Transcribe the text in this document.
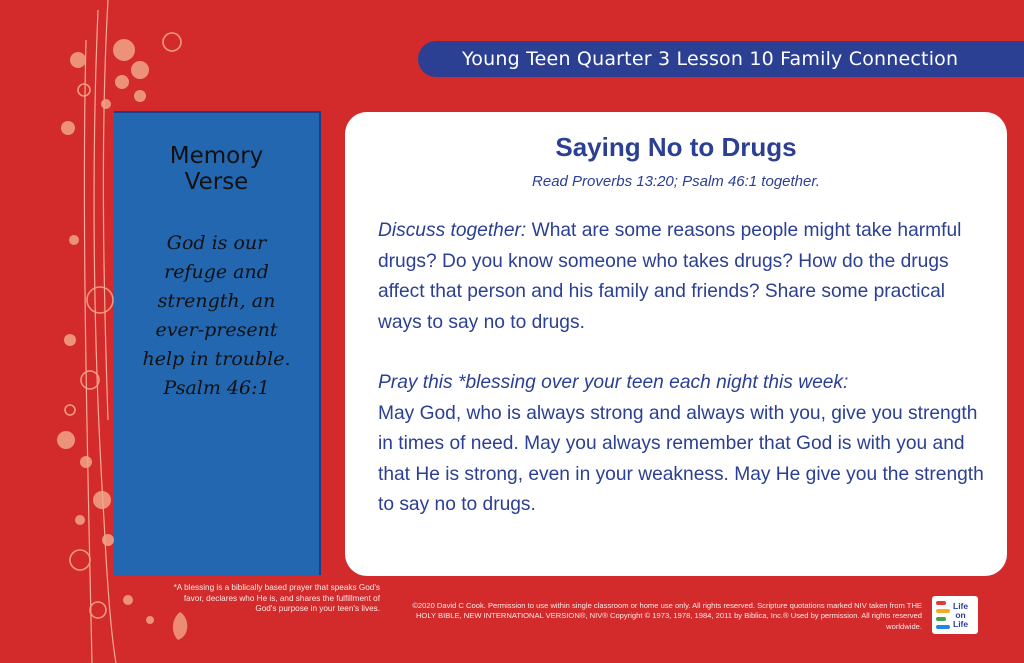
Young Teen Quarter 3 Lesson 10 Family Connection
Memory
Verse
God is our
refuge and
strength, an
ever-present
help in trouble.
Psalm 46:1
Saying No to Drugs
Read Proverbs 13:20; Psalm 46:1 together.

Discuss together: What are some reasons people might take harmful drugs? Do you know someone who takes drugs? How do the drugs affect that person and his family and friends? Share some practical ways to say no to drugs.

Pray this *blessing over your teen each night this week:
May God, who is always strong and always with you, give you strength in times of need. May you always remember that God is with you and that He is strong, even in your weakness. May He give you the strength to say no to drugs.

*A blessing is a biblically based prayer that speaks God's favor, declares who He is, and shares the fulfillment of God's purpose in your teen's lives.	©2020 David C Cook. Permission to use within single classroom or home use only. All rights reserved. Scripture quotations marked NIV taken from THE HOLY BIBLE, NEW INTERNATIONAL VERSION®, NIV® Copyright © 1973, 1978, 1984, 2011 by Biblica, Inc.® Used by permission. All rights reserved worldwide.
Life
on
Life
